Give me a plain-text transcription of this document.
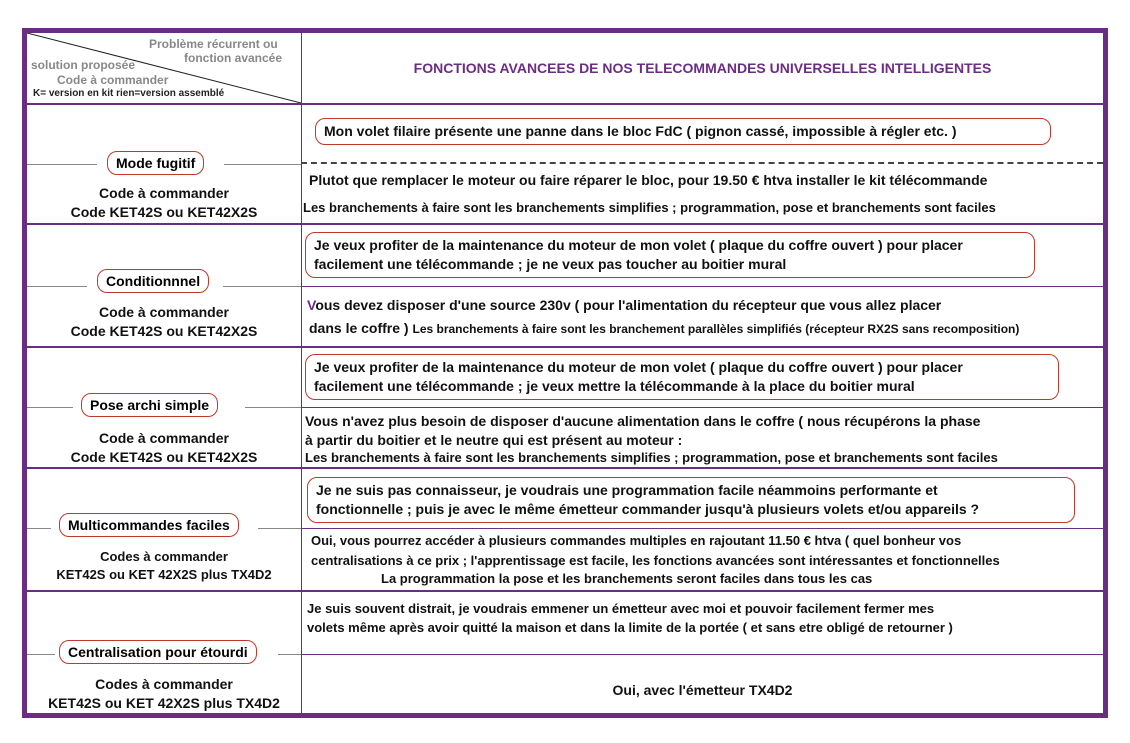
Problème récurrent ou
fonction avancée
solution proposée
Code à commander
K= version en kit rien=version assemblé
FONCTIONS AVANCEES DE NOS TELECOMMANDES UNIVERSELLES INTELLIGENTES
Mode fugitif
Code à commander
Code KET42S ou KET42X2S
Mon volet filaire présente une panne dans le bloc FdC ( pignon cassé, impossible à régler etc. )
Plutot que remplacer le moteur ou faire réparer le bloc, pour 19.50 € htva installer le kit télécommande
Les branchements à faire sont les branchements simplifies ; programmation, pose et branchements sont faciles
Conditionnnel
Code à commander
Code KET42S ou KET42X2S
Je veux profiter de la maintenance du moteur de mon volet ( plaque du coffre ouvert ) pour placer
facilement une télécommande ; je ne veux pas toucher au boitier mural
Vous devez disposer d'une source 230v ( pour l'alimentation du récepteur que vous allez placer
dans le coffre ) Les branchements à faire sont les branchement parallèles simplifiés (récepteur RX2S sans recomposition)
Pose archi simple
Code à commander
Code KET42S ou KET42X2S
Je veux profiter de la maintenance du moteur de mon volet ( plaque du coffre ouvert ) pour placer
facilement une télécommande ; je veux mettre la télécommande à la place du boitier mural
Vous n'avez plus besoin de disposer d'aucune alimentation dans le coffre ( nous récupérons la phase
à partir du boitier et le neutre qui est présent au moteur :
Les branchements à faire sont les branchements simplifies ; programmation, pose et branchements sont faciles
Multicommandes faciles
Codes à commander
KET42S ou KET 42X2S plus TX4D2
Je ne suis pas connaisseur, je voudrais une programmation facile néammoins performante et
fonctionnelle ; puis je avec le même émetteur commander jusqu'à plusieurs volets et/ou appareils ?
Oui, vous pourrez accéder à plusieurs commandes multiples en rajoutant 11.50 € htva ( quel bonheur vos
centralisations à ce prix ; l'apprentissage est facile, les fonctions avancées sont intéressantes et fonctionnelles
La programmation la pose et les branchements seront faciles dans tous les cas
Centralisation pour étourdi
Codes à commander
KET42S ou KET 42X2S plus TX4D2
Je suis souvent distrait, je voudrais emmener un émetteur avec moi et pouvoir facilement fermer mes
volets même après avoir quitté la maison et dans la limite de la portée ( et sans etre obligé de retourner )
Oui, avec l'émetteur TX4D2
